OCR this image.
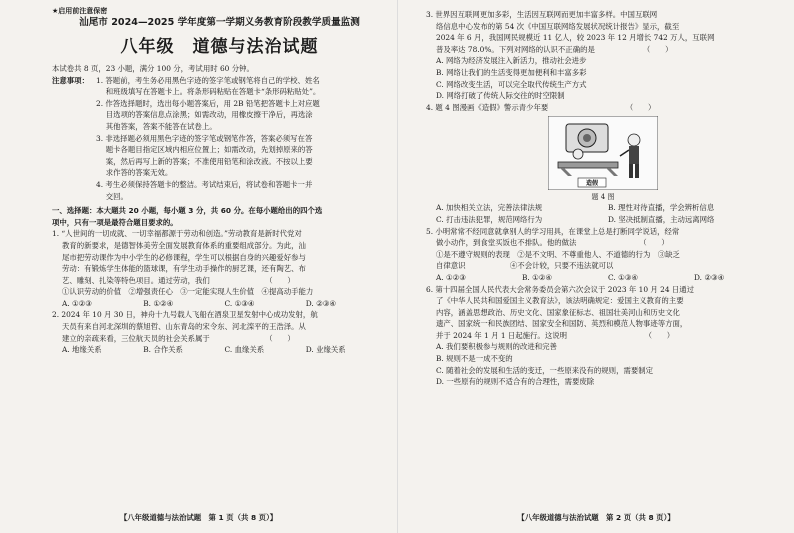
★启用前注意保密
汕尾市 2024—2025 学年度第一学期义务教育阶段教学质量监测
八年级　道德与法治试题
本试卷共 8 页，23 小题，满分 100 分，考试用时 60 分钟。
注意事项： 1. 答题前，考生务必用黑色字迹的签字笔或钢笔将自己的学校、姓名
　 和班级填写在答题卡上。将条形码粘贴在答题卡“条形码粘贴处”。
2. 作答选择题时，选出每小题答案后，用 2B 铅笔把答题卡上对应题
　 目选项的答案信息点涂黑；如需改动，用橡皮擦干净后，再选涂
　 其他答案，答案不能答在试卷上。
3. 非选择题必须用黑色字迹的签字笔或钢笔作答，答案必须写在答
　 题卡各题目指定区域内相应位置上；如需改动，先划掉原来的答
　 案，然后再写上新的答案；不准使用铅笔和涂改液。不按以上要
　 求作答的答案无效。
4. 考生必须保持答题卡的整洁。考试结束后，将试卷和答题卡一并
　 交回。
一、选择题：本大题共 20 小题，每小题 3 分，共 60 分。在每小题给出的四个选
项中，只有一项是最符合题目要求的。
1. “人世间的一切成就、一切幸福都源于劳动和创造。”劳动教育是新时代党对
教育的新要求，是德智体美劳全面发展教育体系的重要组成部分。为此，汕
尾市把劳动课作为中小学生的必修课程，学生可以根据自身的兴趣爱好参与
劳动：有锻炼学生体能的篮球课，有学生动手操作的厨艺课，还有陶艺、布
艺、雕刻、扎染等特色项目。通过劳动，我们　　　　　　　　（　　）
①认识劳动的价值　②增强责任心　③一定能实现人生价值　④提高动手能力
A. ①②③	B. ①②④	C. ①③④	D. ②③④
2. 2024 年 10 月 30 日，神舟十九号载人飞船在酒泉卫星发射中心成功发射，航
天员有来自河北深圳的蔡旭哲、山东青岛的宋令东、河北滦平的王浩泽。从
建立的亲疏来看，三位航天员的社会关系属于　　　　　　　　（　　）
A. 地缘关系	B. 合作关系	C. 血缘关系	D. 业缘关系
【八年级道德与法治试题　第 1 页（共 8 页）】
3. 世界因互联网更加多彩，生活因互联网而更加丰富多样。中国互联网
络信息中心发布的第 54 次《中国互联网络发展状况统计报告》显示，截至
2024 年 6 月，我国网民规模近 11 亿人，较 2023 年 12 月增长 742 万人，互联网
普及率达 78.0%。下列对网络的认识不正确的是　　　　　　　（　　）
A. 网络为经济发展注入新活力，推动社会进步
B. 网络让我们的生活变得更加便利和丰富多彩
C. 网络改变生活，可以完全取代传统生产方式
D. 网络打破了传统人际交往的时空限制
4. 题 4 图漫画《造假》警示青少年要　　　　　　　　　　　（　　）
造假
题 4 图
A. 加快相关立法，完善法律法规	B. 理性对待直播，学会辨析信息
C. 打击违法犯罪，规范网络行为	D. 坚决抵制直播，主动远离网络
5. 小明常常不经同意就拿别人的学习用具，在课堂上总是打断同学说话，经常
做小动作，到食堂买饭也不排队。他的做法　　　　　　　　　（　　）
①是不遵守规则的表现　②是不文明、不尊重他人、不道德的行为　③缺乏
自律意识　　　　　　④不会计较，只要不违法就可以
A. ①②③	B. ①②④	C. ①③④	D. ②③④
6. 第十四届全国人民代表大会常务委员会第六次会议于 2023 年 10 月 24 日通过
了《中华人民共和国爱国主义教育法》，该法明确规定：爱国主义教育的主要
内容，涵盖思想政治、历史文化、国家象征标志、祖国壮美河山和历史文化
遗产、国家统一和民族团结、国家安全和国防、英烈和模范人物事迹等方面，
并于 2024 年 1 月 1 日起施行。这说明　　　　　　　　　　　（　　）
A. 我们要积极参与规则的改进和完善
B. 规则不是一成不变的
C. 随着社会的发展和生活的变迁，一些原来没有的规则，需要制定
D. 一些原有的规则不适合有的合理性，需要废除
【八年级道德与法治试题　第 2 页（共 8 页）】
